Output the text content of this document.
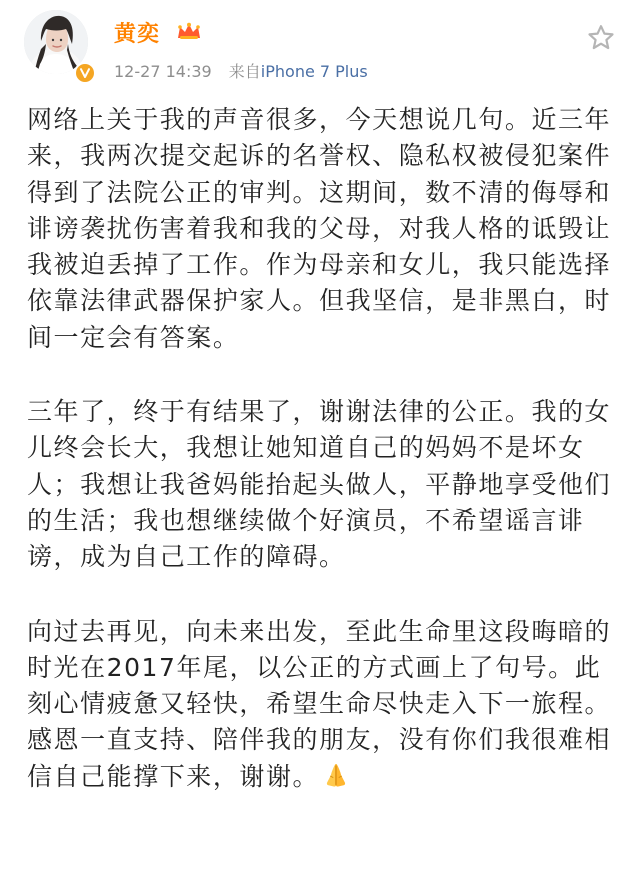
黄奕
12-27 14:39 来自iPhone 7 Plus

网络上关于我的声音很多，今天想说几句。近三年来，我两次提交起诉的名誉权、隐私权被侵犯案件得到了法院公正的审判。这期间，数不清的侮辱和诽谤袭扰伤害着我和我的父母，对我人格的诋毁让我被迫丢掉了工作。作为母亲和女儿，我只能选择依靠法律武器保护家人。但我坚信，是非黑白，时间一定会有答案。

三年了，终于有结果了，谢谢法律的公正。我的女儿终会长大，我想让她知道自己的妈妈不是坏女人；我想让我爸妈能抬起头做人，平静地享受他们的生活；我也想继续做个好演员，不希望谣言诽谤，成为自己工作的障碍。

向过去再见，向未来出发，至此生命里这段晦暗的时光在2017年尾，以公正的方式画上了句号。此刻心情疲惫又轻快，希望生命尽快走入下一旅程。感恩一直支持、陪伴我的朋友，没有你们我很难相信自己能撑下来，谢谢。
